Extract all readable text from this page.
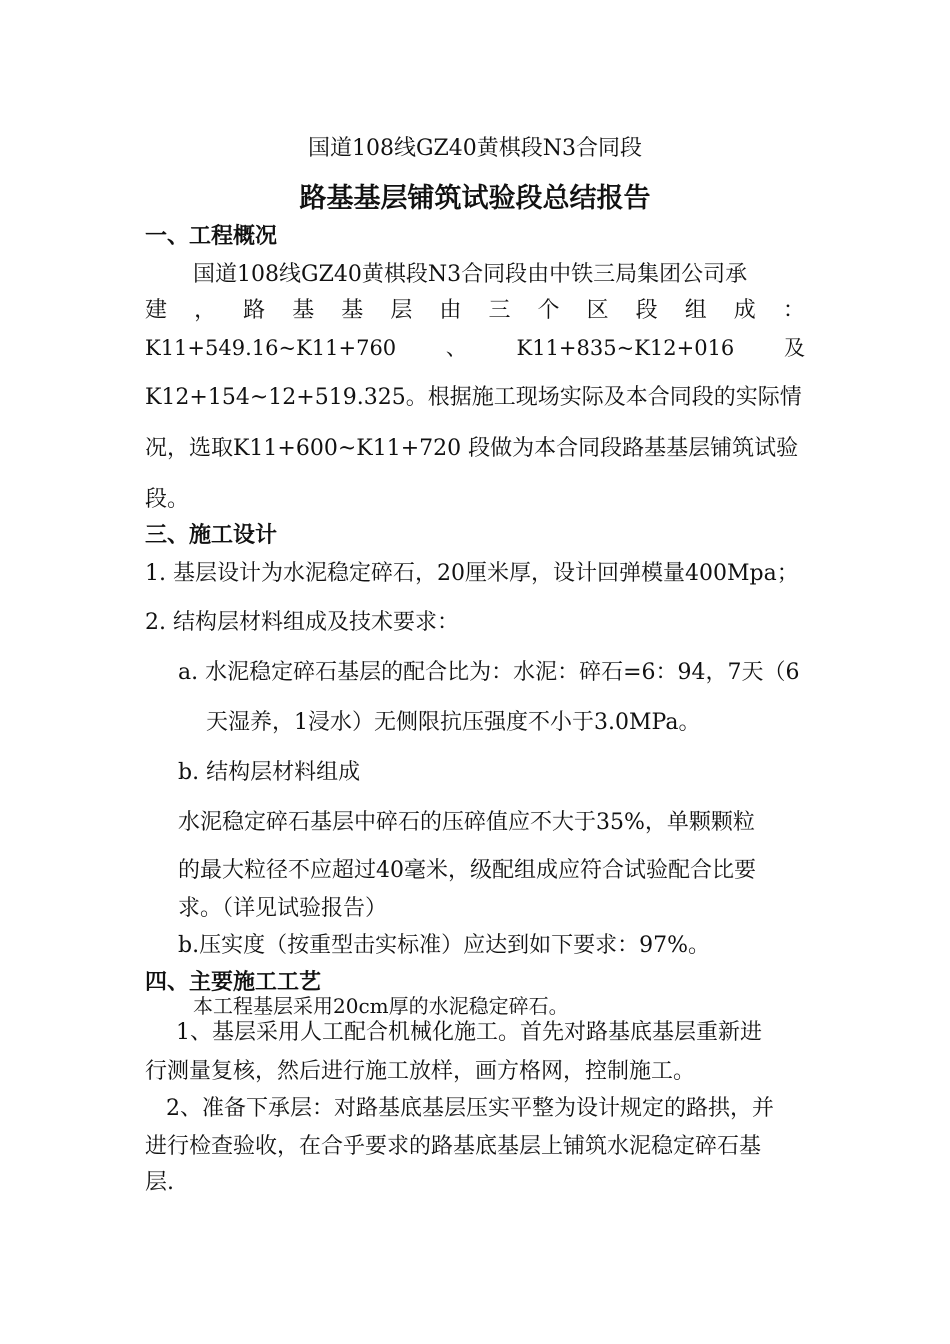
国道108线GZ40黄棋段N3合同段
路基基层铺筑试验段总结报告
一、工程概况
国道108线GZ40黄棋段N3合同段由中铁三局集团公司承
建 ， 路 基 基 层 由 三 个 区 段 组 成 ：
K11+549.16~K11+760 、 K11+835~K12+016 及
K12+154~12+519.325。根据施工现场实际及本合同段的实际情
况，选取K11+600~K11+720 段做为本合同段路基基层铺筑试验
段。
三、施工设计
1. 基层设计为水泥稳定碎石，20厘米厚，设计回弹模量400Mpa；
2. 结构层材料组成及技术要求：
a. 水泥稳定碎石基层的配合比为：水泥：碎石=6：94，7天（6
天湿养，1浸水）无侧限抗压强度不小于3.0MPa。
b. 结构层材料组成
水泥稳定碎石基层中碎石的压碎值应不大于35%，单颗颗粒
的最大粒径不应超过40毫米，级配组成应符合试验配合比要
求。（详见试验报告）
b.压实度（按重型击实标准）应达到如下要求：97%。
四、主要施工工艺
本工程基层采用20cm厚的水泥稳定碎石。
1、基层采用人工配合机械化施工。首先对路基底基层重新进
行测量复核，然后进行施工放样，画方格网，控制施工。
2、准备下承层：对路基底基层压实平整为设计规定的路拱，并
进行检查验收，在合乎要求的路基底基层上铺筑水泥稳定碎石基
层.
